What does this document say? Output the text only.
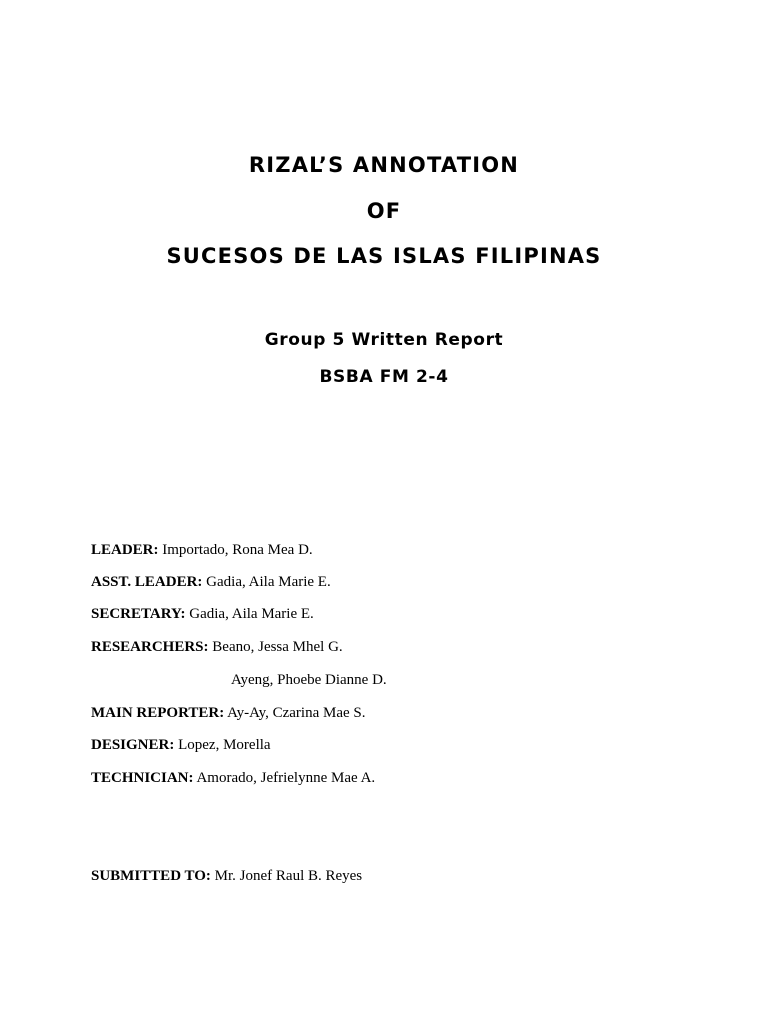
RIZAL’S ANNOTATION
OF
SUCESOS DE LAS ISLAS FILIPINAS
Group 5 Written Report
BSBA FM 2-4
LEADER: Importado, Rona Mea D.
ASST. LEADER: Gadia, Aila Marie E.
SECRETARY: Gadia, Aila Marie E.
RESEARCHERS: Beano, Jessa Mhel G.
Ayeng, Phoebe Dianne D.
MAIN REPORTER: Ay-Ay, Czarina Mae S.
DESIGNER: Lopez, Morella
TECHNICIAN: Amorado, Jefrielynne Mae A.
SUBMITTED TO: Mr. Jonef Raul B. Reyes
